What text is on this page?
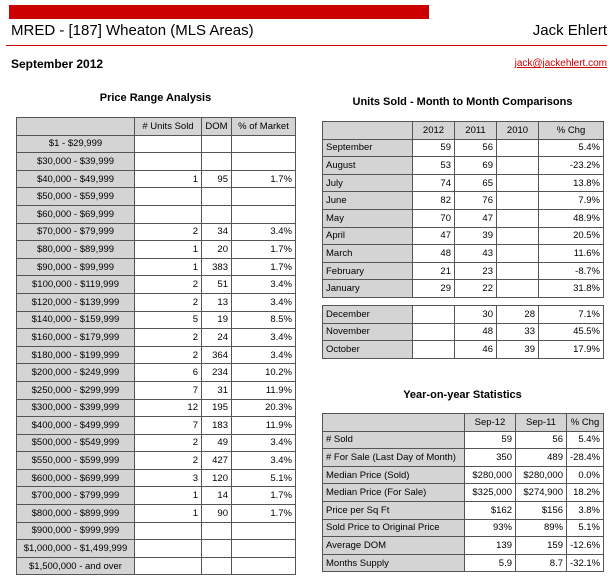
MRED - [187] Wheaton (MLS Areas)	Jack Ehlert
September 2012	jack@jackehlert.com
Price Range Analysis
	# Units Sold	DOM	% of Market
$1 - $29,999			
$30,000 - $39,999			
$40,000 - $49,999	1	95	1.7%
$50,000 - $59,999			
$60,000 - $69,999			
$70,000 - $79,999	2	34	3.4%
$80,000 - $89,999	1	20	1.7%
$90,000 - $99,999	1	383	1.7%
$100,000 - $119,999	2	51	3.4%
$120,000 - $139,999	2	13	3.4%
$140,000 - $159,999	5	19	8.5%
$160,000 - $179,999	2	24	3.4%
$180,000 - $199,999	2	364	3.4%
$200,000 - $249,999	6	234	10.2%
$250,000 - $299,999	7	31	11.9%
$300,000 - $399,999	12	195	20.3%
$400,000 - $499,999	7	183	11.9%
$500,000 - $549,999	2	49	3.4%
$550,000 - $599,999	2	427	3.4%
$600,000 - $699,999	3	120	5.1%
$700,000 - $799,999	1	14	1.7%
$800,000 - $899,999	1	90	1.7%
$900,000 - $999,999			
$1,000,000 - $1,499,999			
$1,500,000 - and over			
Units Sold - Month to Month Comparisons
	2012	2011	2010	% Chg
September	59	56		5.4%
August	53	69		-23.2%
July	74	65		13.8%
June	82	76		7.9%
May	70	47		48.9%
April	47	39		20.5%
March	48	43		11.6%
February	21	23		-8.7%
January	29	22		31.8%

December		30	28	7.1%
November		48	33	45.5%
October		46	39	17.9%
Year-on-year Statistics
	Sep-12	Sep-11	% Chg
# Sold	59	56	5.4%
# For Sale (Last Day of Month)	350	489	-28.4%
Median Price (Sold)	$280,000	$280,000	0.0%
Median Price (For Sale)	$325,000	$274,900	18.2%
Price per Sq Ft	$162	$156	3.8%
Sold Price to Original Price	93%	89%	5.1%
Average DOM	139	159	-12.6%
Months Supply	5.9	8.7	-32.1%
